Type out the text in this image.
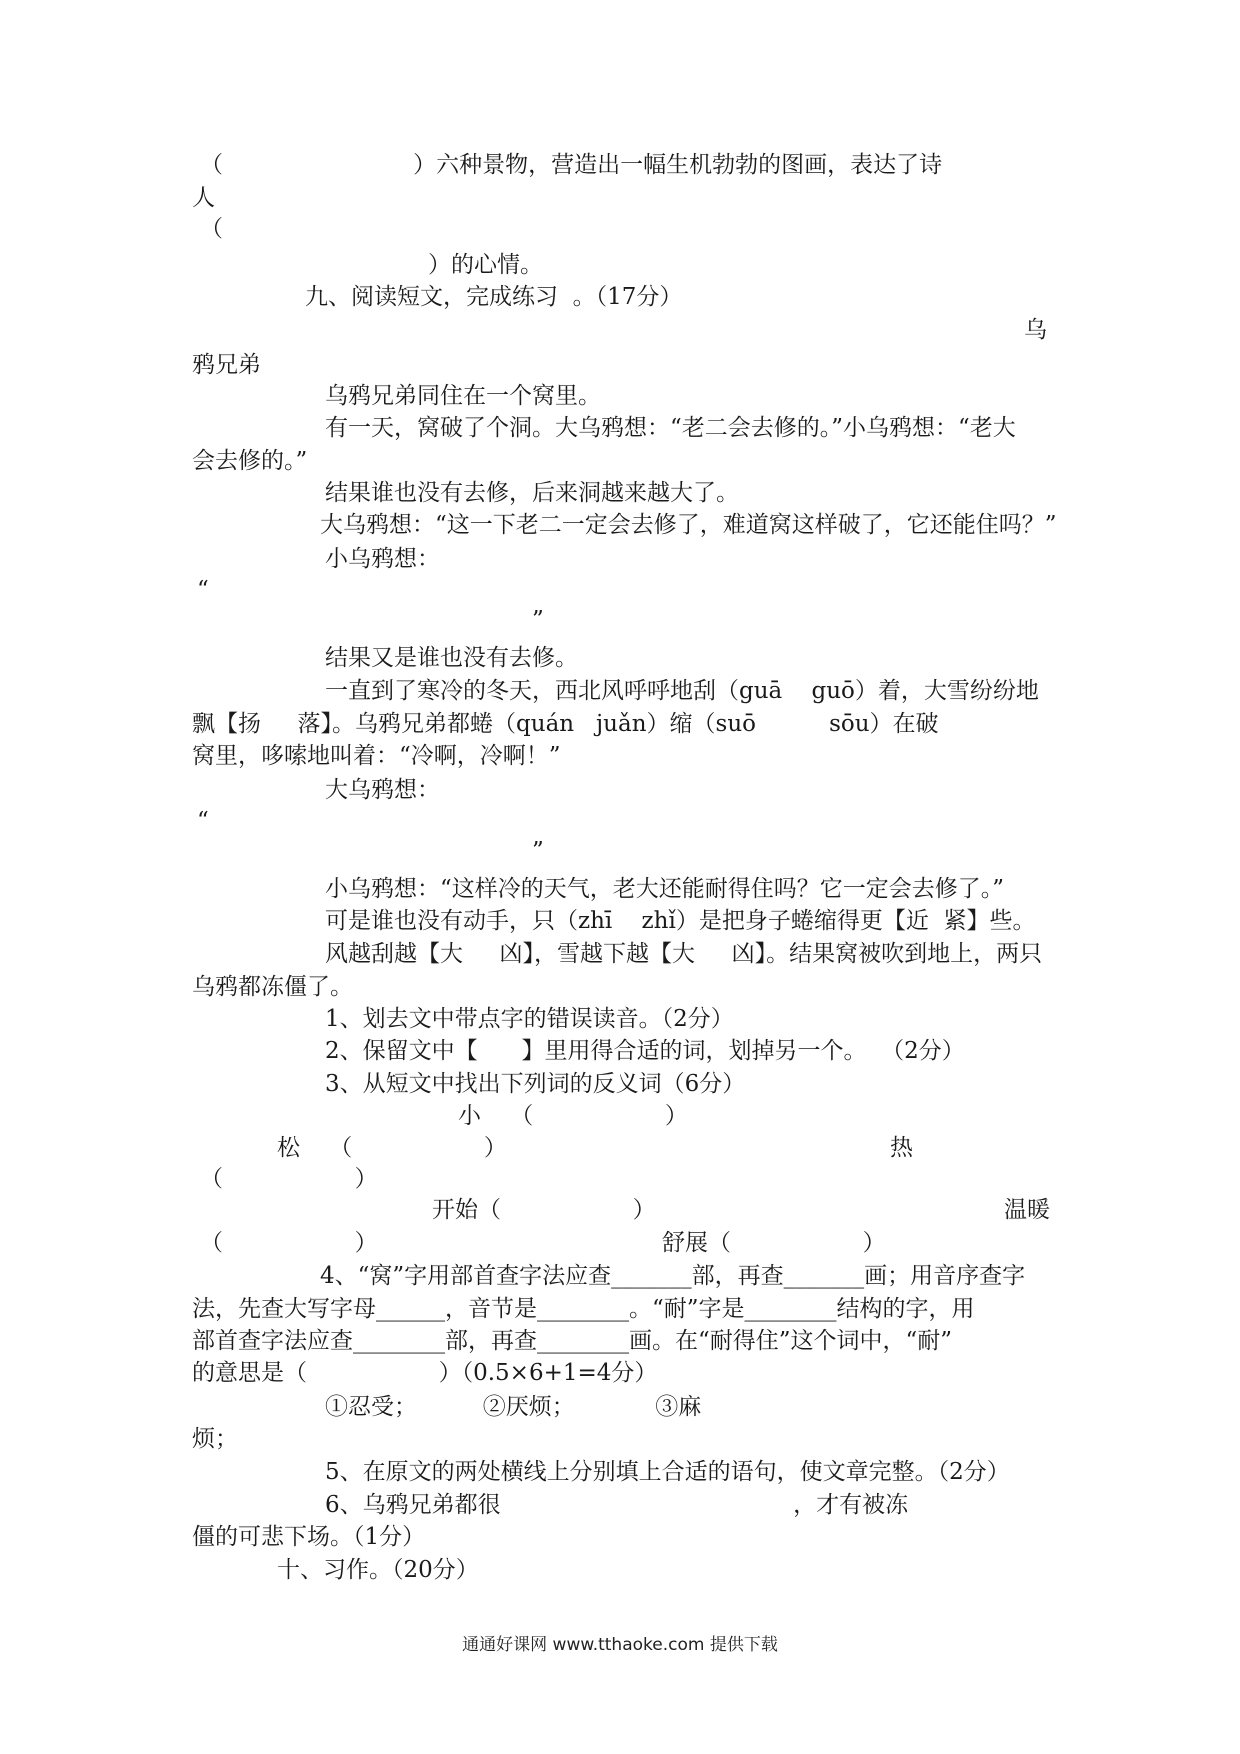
（                          ）六种景物，营造出一幅生机勃勃的图画，表达了诗
人
（
）的心情。
九、阅读短文，完成练习  。（17分）
乌
鸦兄弟
乌鸦兄弟同住在一个窝里。
有一天，窝破了个洞。大乌鸦想：“老二会去修的。”小乌鸦想：“老大
会去修的。”
结果谁也没有去修，后来洞越来越大了。
大乌鸦想：“这一下老二一定会去修了，难道窝这样破了，它还能住吗？”
小乌鸦想：
“
”
结果又是谁也没有去修。
一直到了寒冷的冬天，西北风呼呼地刮（guā    guō）着，大雪纷纷地
飘【扬     落】。乌鸦兄弟都蜷（quán   juǎn）缩（suō          sōu）在破
窝里，哆嗦地叫着：“冷啊，冷啊！”
大乌鸦想：
“
”
小乌鸦想：“这样冷的天气，老大还能耐得住吗？它一定会去修了。”
可是谁也没有动手，只（zhī    zhǐ）是把身子蜷缩得更【近  紧】些。
风越刮越【大     凶】，雪越下越【大     凶】。结果窝被吹到地上，两只
乌鸦都冻僵了。
1、划去文中带点字的错误读音。（2分）
2、保留文中【      】里用得合适的词，划掉另一个。  （2分）
3、从短文中找出下列词的反义词（6分）
小    （                  ）
松    （                  ）	热
（                  ）
开始（                  ）	温暖
（                  ）	舒展（                  ）
4、“窝”字用部首查字法应查_______部，再查_______画；用音序查字
法，先查大写字母______，音节是________。“耐”字是________结构的字，用
部首查字法应查________部，再查________画。在“耐得住”这个词中，“耐”
的意思是（                  ）（0.5×6+1=4分）
①忍受；         ②厌烦；           ③麻
烦；
5、在原文的两处横线上分别填上合适的语句，使文章完整。（2分）
6、乌鸦兄弟都很                                        ，才有被冻
僵的可悲下场。（1分）
十、习作。（20分）
通通好课网 www.tthaoke.com 提供下载
